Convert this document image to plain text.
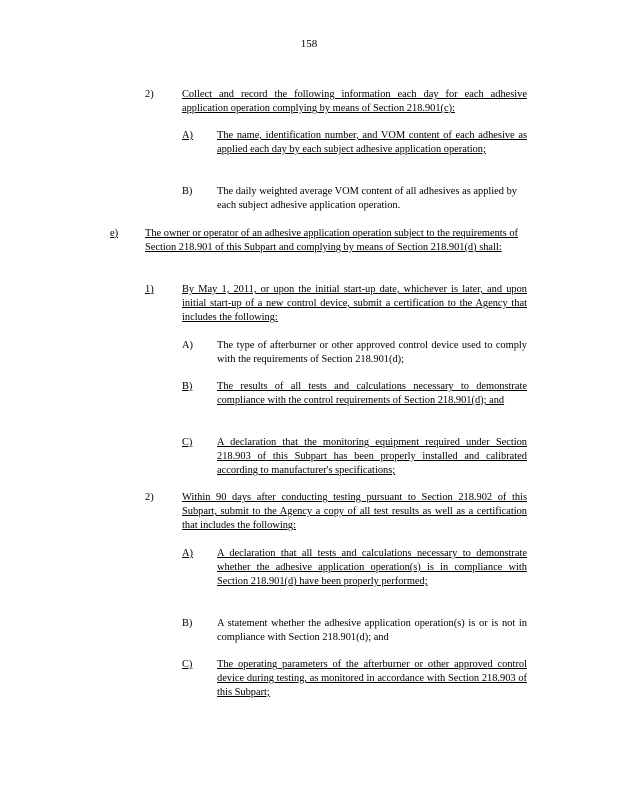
158
2)	Collect and record the following information each day for each adhesive application operation complying by means of Section 218.901(c):
A) The name, identification number, and VOM content of each adhesive as applied each day by each subject adhesive application operation;
B) The daily weighted average VOM content of all adhesives as applied by each subject adhesive application operation.
e)	The owner or operator of an adhesive application operation subject to the requirements of Section 218.901 of this Subpart and complying by means of Section 218.901(d) shall:
1)	By May 1, 2011, or upon the initial start-up date, whichever is later, and upon initial start-up of a new control device, submit a certification to the Agency that includes the following:
A) The type of afterburner or other approved control device used to comply with the requirements of Section 218.901(d);
B) The results of all tests and calculations necessary to demonstrate compliance with the control requirements of Section 218.901(d); and
C) A declaration that the monitoring equipment required under Section 218.903 of this Subpart has been properly installed and calibrated according to manufacturer's specifications;
2)	Within 90 days after conducting testing pursuant to Section 218.902 of this Subpart, submit to the Agency a copy of all test results as well as a certification that includes the following:
A) A declaration that all tests and calculations necessary to demonstrate whether the adhesive application operation(s) is in compliance with Section 218.901(d) have been properly performed;
B) A statement whether the adhesive application operation(s) is or is not in compliance with Section 218.901(d); and
C) The operating parameters of the afterburner or other approved control device during testing, as monitored in accordance with Section 218.903 of this Subpart;
